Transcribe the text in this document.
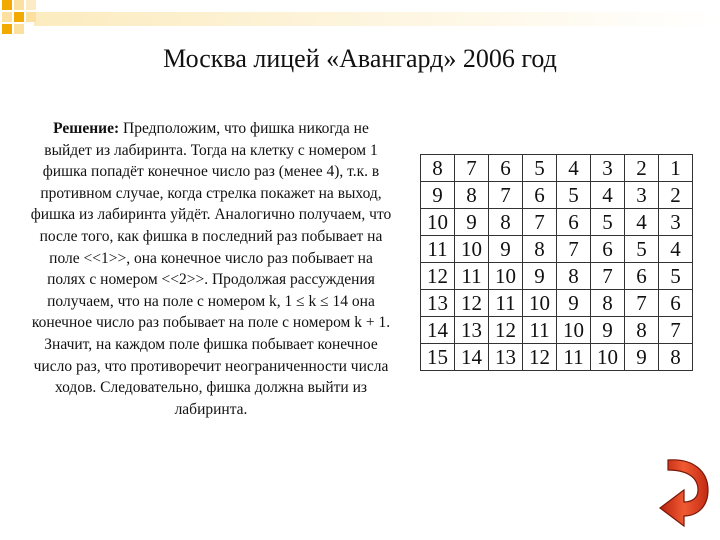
Москва лицей «Авангард» 2006 год
Решение: Предположим, что фишка никогда не выйдет из лабиринта. Тогда на клетку с номером 1 фишка попадёт конечное число раз (менее 4), т.к. в противном случае, когда стрелка покажет на выход, фишка из лабиринта уйдёт. Аналогично получаем, что после того, как фишка в последний раз побывает на поле <<1>>, она конечное число раз побывает на полях с номером <<2>>. Продолжая рассуждения получаем, что на поле с номером k, 1 ≤ k ≤ 14 она конечное число раз побывает на поле с номером k + 1. Значит, на каждом поле фишка побывает конечное число раз, что противоречит неограниченности числа ходов. Следовательно, фишка должна выйти из лабиринта.
8	7	6	5	4	3	2	1
9	8	7	6	5	4	3	2
10	9	8	7	6	5	4	3
11	10	9	8	7	6	5	4
12	11	10	9	8	7	6	5
13	12	11	10	9	8	7	6
14	13	12	11	10	9	8	7
15	14	13	12	11	10	9	8
